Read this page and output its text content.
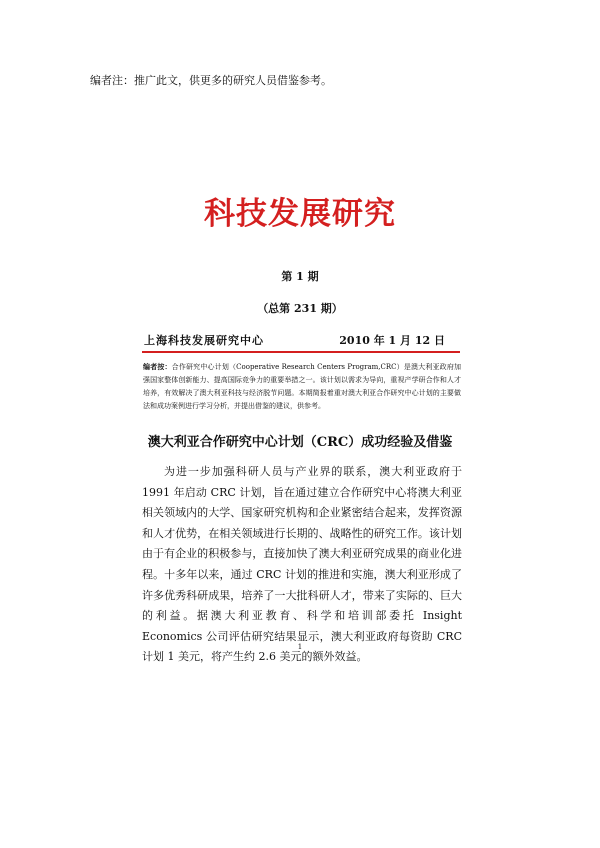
编者注：推广此文，供更多的研究人员借鉴参考。
科技发展研究
第 1 期
（总第 231 期）
上海科技发展研究中心	2010 年 1 月 12 日
编者按：合作研究中心计划（Cooperative Research Centers Program,CRC）是澳大利亚政府加强国家整体创新能力、提高国际竞争力的重要举措之一。该计划以需求为导向，重视产学研合作和人才培养，有效解决了澳大利亚科技与经济脱节问题。本期简报着重对澳大利亚合作研究中心计划的主要做法和成功案例进行学习分析，并提出借鉴的建议，供参考。
澳大利亚合作研究中心计划（CRC）成功经验及借鉴
为进一步加强科研人员与产业界的联系，澳大利亚政府于 1991 年启动 CRC 计划，旨在通过建立合作研究中心将澳大利亚相关领域内的大学、国家研究机构和企业紧密结合起来，发挥资源和人才优势，在相关领域进行长期的、战略性的研究工作。该计划由于有企业的积极参与，直接加快了澳大利亚研究成果的商业化进程。十多年以来，通过 CRC 计划的推进和实施，澳大利亚形成了许多优秀科研成果，培养了一大批科研人才，带来了实际的、巨大的利益。据澳大利亚教育、科学和培训部委托 Insight Economics 公司评估研究结果显示，澳大利亚政府每资助 CRC 计划 1 美元，将产生约 2.6 美元的额外效益。
1
